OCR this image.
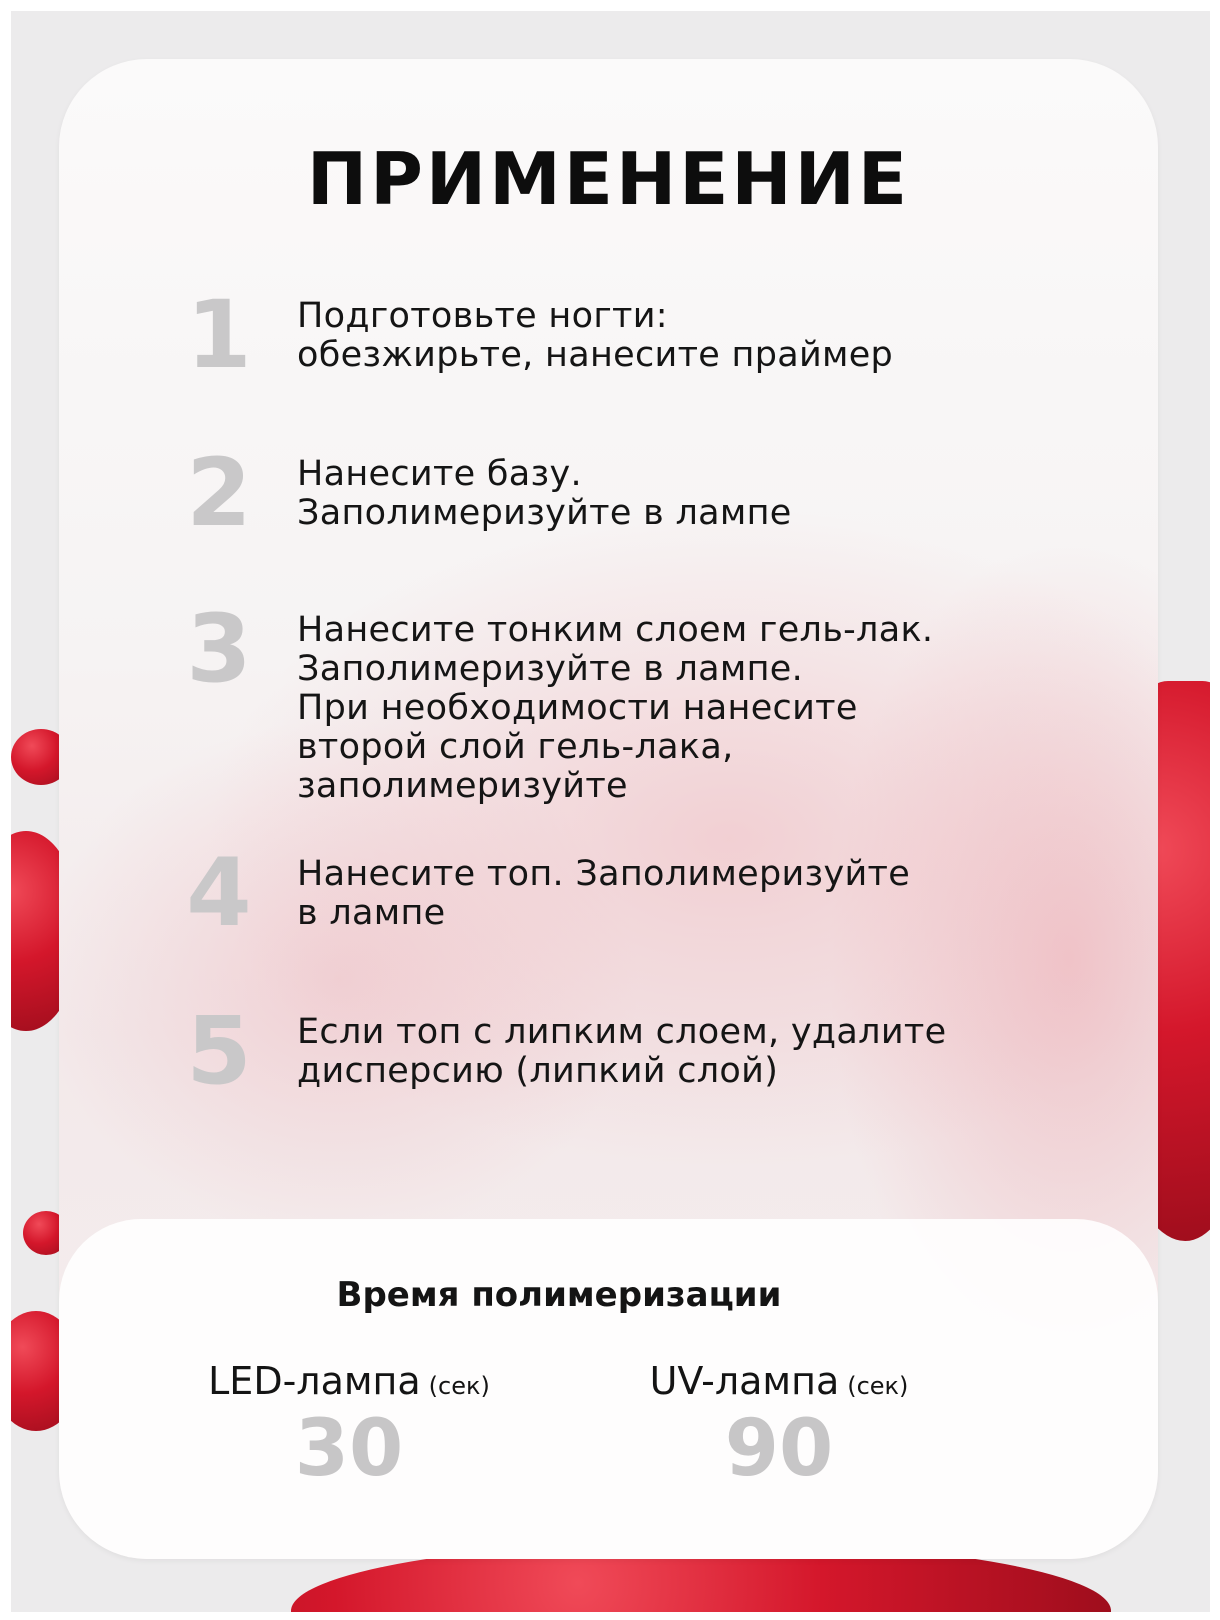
ПРИМЕНЕНИЕ
1	Подготовьте ногти:
обезжирьте, нанесите праймер
2	Нанесите базу.
Заполимеризуйте в лампе
3	Нанесите тонким слоем гель-лак.
Заполимеризуйте в лампе.
При необходимости нанесите
второй слой гель-лака,
заполимеризуйте
4	Нанесите топ. Заполимеризуйте
в лампе
5	Если топ с липким слоем, удалите
дисперсию (липкий слой)
Время полимеризации
LED-лампа (сек)
30
UV-лампа (сек)
90
